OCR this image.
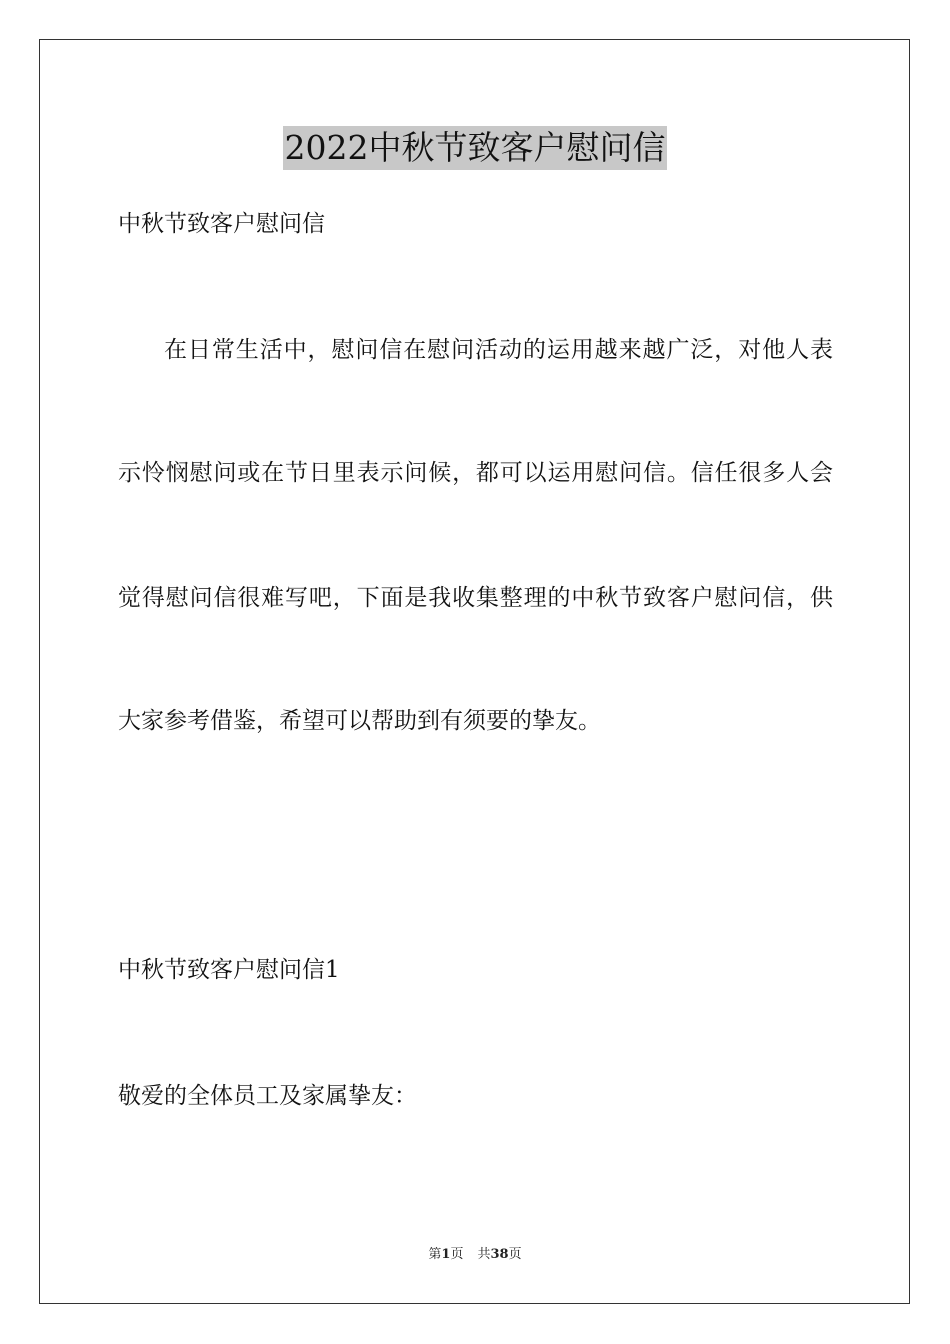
2022中秋节致客户慰问信
中秋节致客户慰问信
在日常生活中，慰问信在慰问活动的运用越来越广泛，对他人表
示怜悯慰问或在节日里表示问候，都可以运用慰问信。信任很多人会
觉得慰问信很难写吧，下面是我收集整理的中秋节致客户慰问信，供
大家参考借鉴，希望可以帮助到有须要的挚友。
中秋节致客户慰问信1
敬爱的全体员工及家属挚友：
第1页 共38页
